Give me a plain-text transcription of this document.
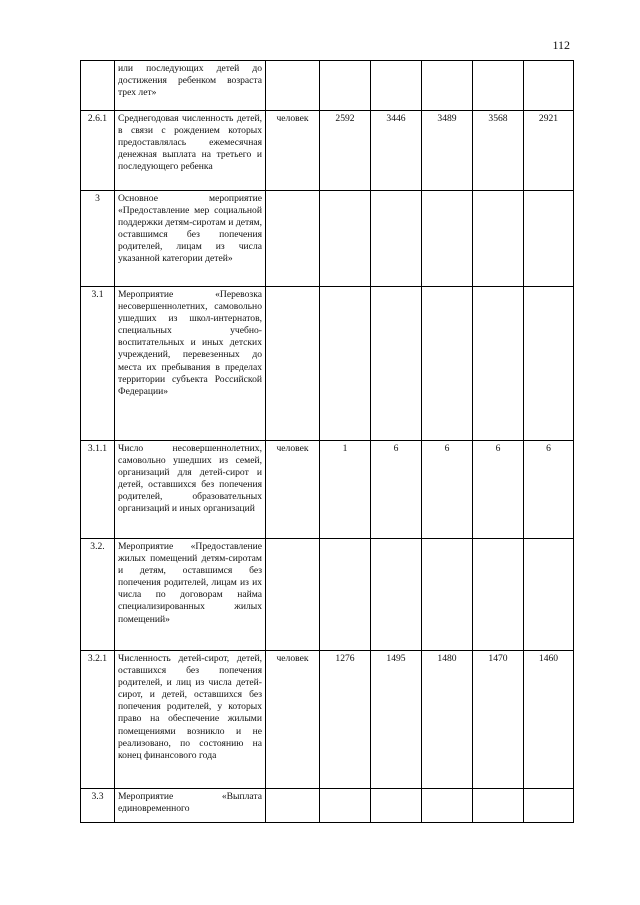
112
	или последующих детей до достижения ребенком возраста трех лет»						
2.6.1	Среднегодовая численность детей, в связи с рождением которых предоставлялась ежемесячная денежная выплата на третьего и последующего ребенка	человек	2592	3446	3489	3568	2921
3	Основное мероприятие «Предоставление мер социальной поддержки детям-сиротам и детям, оставшимся без попечения родителей, лицам из числа указанной категории детей»						
3.1	Мероприятие «Перевозка несовершеннолетних, самовольно ушедших из школ-интернатов, специальных учебно-воспитательных и иных детских учреждений, перевезенных до места их пребывания в пределах территории субъекта Российской Федерации»						
3.1.1	Число несовершеннолетних, самовольно ушедших из семей, организаций для детей-сирот и детей, оставшихся без попечения родителей, образовательных организаций и иных организаций	человек	1	6	6	6	6
3.2.	Мероприятие «Предоставление жилых помещений детям-сиротам и детям, оставшимся без попечения родителей, лицам из их числа по договорам найма специализированных жилых помещений»						
3.2.1	Численность детей-сирот, детей, оставшихся без попечения родителей, и лиц из числа детей-сирот, и детей, оставшихся без попечения родителей, у которых право на обеспечение жилыми помещениями возникло и не реализовано, по состоянию на конец финансового года	человек	1276	1495	1480	1470	1460
3.3	Мероприятие «Выплата единовременного						
